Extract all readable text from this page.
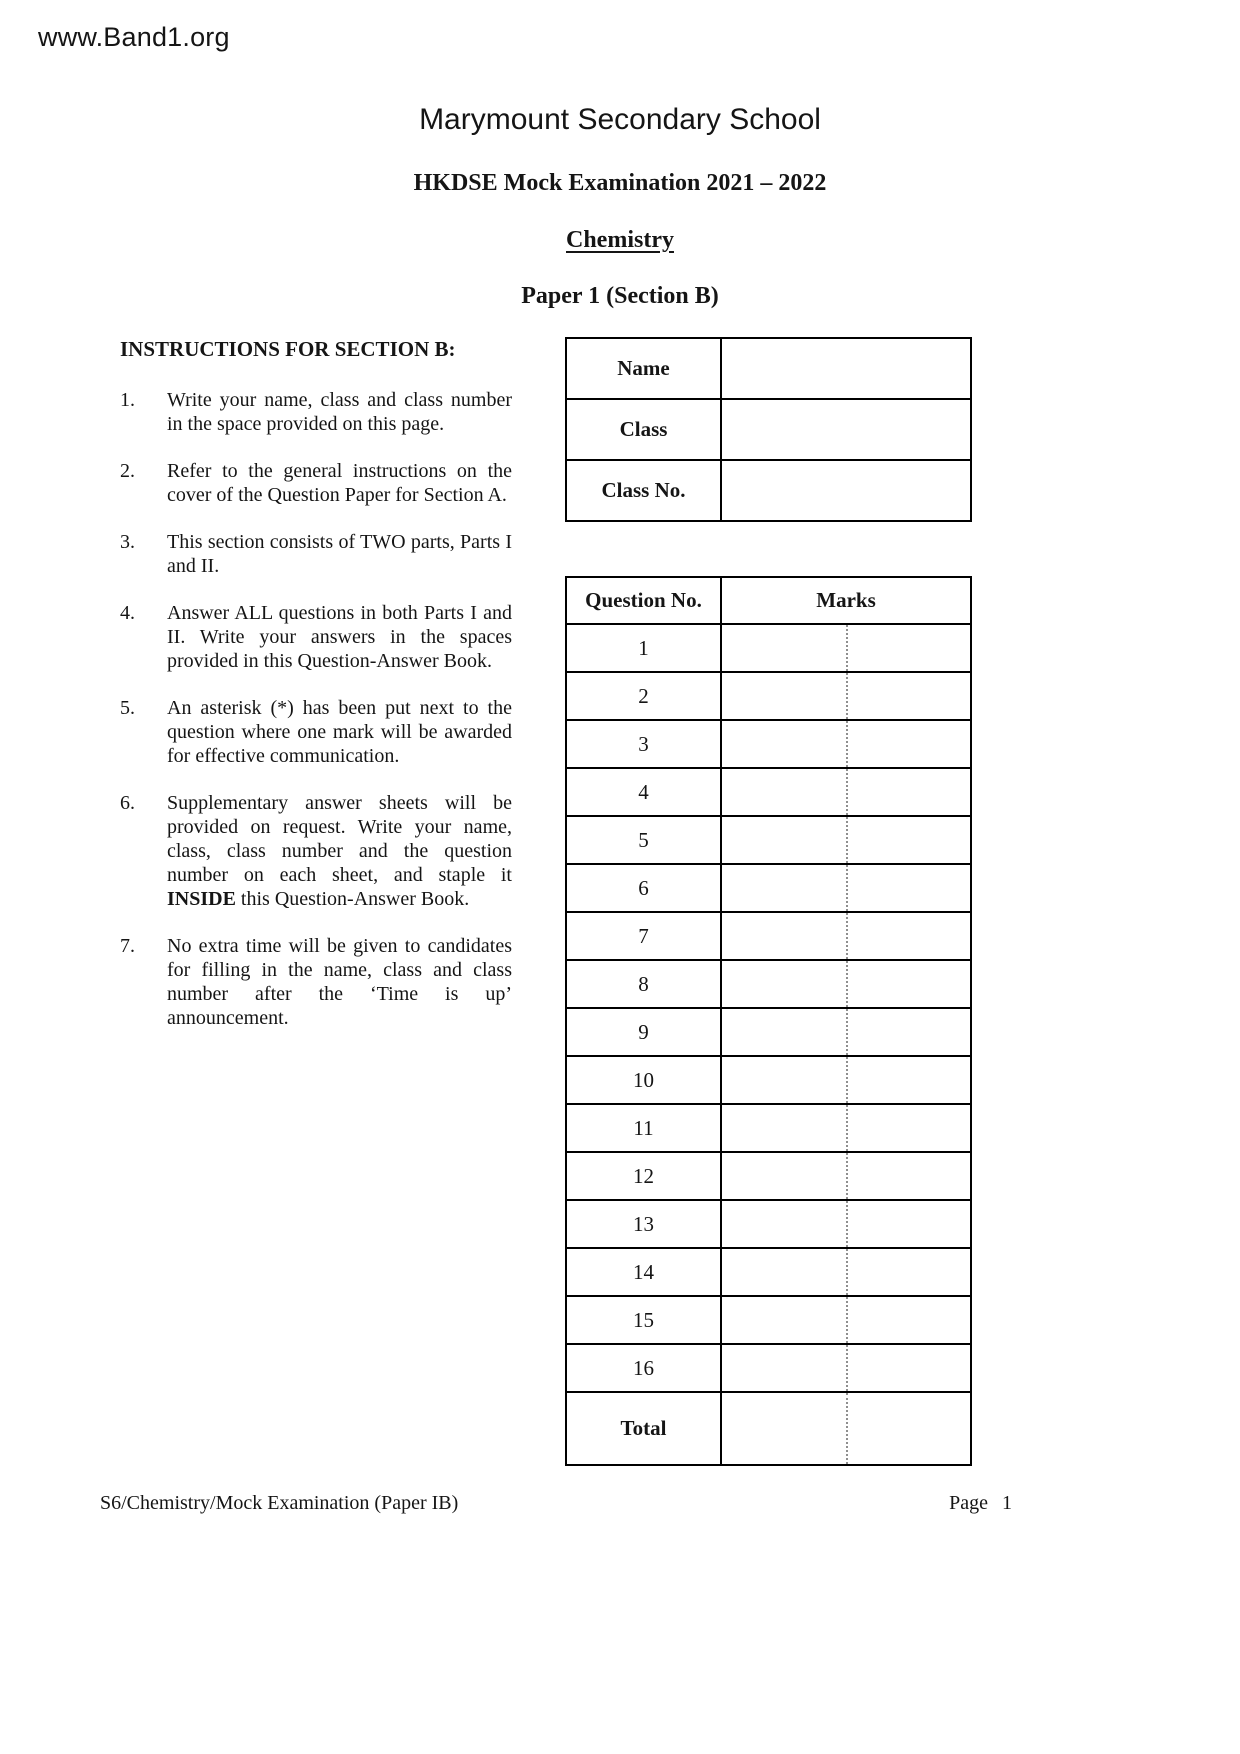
www.Band1.org
Marymount Secondary School
HKDSE Mock Examination 2021 – 2022
Chemistry
Paper 1 (Section B)
INSTRUCTIONS FOR SECTION B:
1.	Write your name, class and class number in the space provided on this page.
2.	Refer to the general instructions on the cover of the Question Paper for Section A.
3.	This section consists of TWO parts, Parts I and II.
4.	Answer ALL questions in both Parts I and II. Write your answers in the spaces provided in this Question-Answer Book.
5.	An asterisk (*) has been put next to the question where one mark will be awarded for effective communication.
6.	Supplementary answer sheets will be provided on request. Write your name, class, class number and the question number on each sheet, and staple it INSIDE this Question-Answer Book.
7.	No extra time will be given to candidates for filling in the name, class and class number after the ‘Time is up’ announcement.
Name	
Class	
Class No.	
Question No.	Marks
1	

2	

3	

4	

5	

6	

7	

8	

9	

10	

11	

12	

13	

14	

15	

16	

Total	
S6/Chemistry/Mock Examination (Paper IB)	Page 1
